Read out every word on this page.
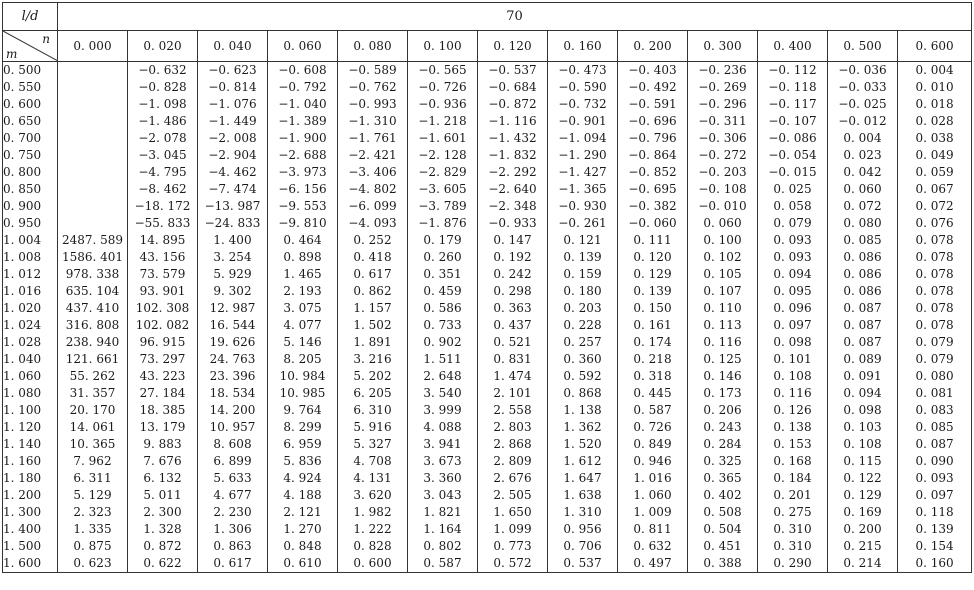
l/d	70												

n
m	0. 000	0. 020	0. 040	0. 060	0. 080	0. 100	0. 120	0. 160	0. 200	0. 300	0. 400	0. 500	0. 600
0. 500		−0. 632	−0. 623	−0. 608	−0. 589	−0. 565	−0. 537	−0. 473	−0. 403	−0. 236	−0. 112	−0. 036	0. 004
0. 550		−0. 828	−0. 814	−0. 792	−0. 762	−0. 726	−0. 684	−0. 590	−0. 492	−0. 269	−0. 118	−0. 033	0. 010
0. 600		−1. 098	−1. 076	−1. 040	−0. 993	−0. 936	−0. 872	−0. 732	−0. 591	−0. 296	−0. 117	−0. 025	0. 018
0. 650		−1. 486	−1. 449	−1. 389	−1. 310	−1. 218	−1. 116	−0. 901	−0. 696	−0. 311	−0. 107	−0. 012	0. 028
0. 700		−2. 078	−2. 008	−1. 900	−1. 761	−1. 601	−1. 432	−1. 094	−0. 796	−0. 306	−0. 086	0. 004	0. 038
0. 750		−3. 045	−2. 904	−2. 688	−2. 421	−2. 128	−1. 832	−1. 290	−0. 864	−0. 272	−0. 054	0. 023	0. 049
0. 800		−4. 795	−4. 462	−3. 973	−3. 406	−2. 829	−2. 292	−1. 427	−0. 852	−0. 203	−0. 015	0. 042	0. 059
0. 850		−8. 462	−7. 474	−6. 156	−4. 802	−3. 605	−2. 640	−1. 365	−0. 695	−0. 108	0. 025	0. 060	0. 067
0. 900		−18. 172	−13. 987	−9. 553	−6. 099	−3. 789	−2. 348	−0. 930	−0. 382	−0. 010	0. 058	0. 072	0. 072
0. 950		−55. 833	−24. 833	−9. 810	−4. 093	−1. 876	−0. 933	−0. 261	−0. 060	0. 060	0. 079	0. 080	0. 076
1. 004	2487. 589	14. 895	1. 400	0. 464	0. 252	0. 179	0. 147	0. 121	0. 111	0. 100	0. 093	0. 085	0. 078
1. 008	1586. 401	43. 156	3. 254	0. 898	0. 418	0. 260	0. 192	0. 139	0. 120	0. 102	0. 093	0. 086	0. 078
1. 012	978. 338	73. 579	5. 929	1. 465	0. 617	0. 351	0. 242	0. 159	0. 129	0. 105	0. 094	0. 086	0. 078
1. 016	635. 104	93. 901	9. 302	2. 193	0. 862	0. 459	0. 298	0. 180	0. 139	0. 107	0. 095	0. 086	0. 078
1. 020	437. 410	102. 308	12. 987	3. 075	1. 157	0. 586	0. 363	0. 203	0. 150	0. 110	0. 096	0. 087	0. 078
1. 024	316. 808	102. 082	16. 544	4. 077	1. 502	0. 733	0. 437	0. 228	0. 161	0. 113	0. 097	0. 087	0. 078
1. 028	238. 940	96. 915	19. 626	5. 146	1. 891	0. 902	0. 521	0. 257	0. 174	0. 116	0. 098	0. 087	0. 079
1. 040	121. 661	73. 297	24. 763	8. 205	3. 216	1. 511	0. 831	0. 360	0. 218	0. 125	0. 101	0. 089	0. 079
1. 060	55. 262	43. 223	23. 396	10. 984	5. 202	2. 648	1. 474	0. 592	0. 318	0. 146	0. 108	0. 091	0. 080
1. 080	31. 357	27. 184	18. 534	10. 985	6. 205	3. 540	2. 101	0. 868	0. 445	0. 173	0. 116	0. 094	0. 081
1. 100	20. 170	18. 385	14. 200	9. 764	6. 310	3. 999	2. 558	1. 138	0. 587	0. 206	0. 126	0. 098	0. 083
1. 120	14. 061	13. 179	10. 957	8. 299	5. 916	4. 088	2. 803	1. 362	0. 726	0. 243	0. 138	0. 103	0. 085
1. 140	10. 365	9. 883	8. 608	6. 959	5. 327	3. 941	2. 868	1. 520	0. 849	0. 284	0. 153	0. 108	0. 087
1. 160	7. 962	7. 676	6. 899	5. 836	4. 708	3. 673	2. 809	1. 612	0. 946	0. 325	0. 168	0. 115	0. 090
1. 180	6. 311	6. 132	5. 633	4. 924	4. 131	3. 360	2. 676	1. 647	1. 016	0. 365	0. 184	0. 122	0. 093
1. 200	5. 129	5. 011	4. 677	4. 188	3. 620	3. 043	2. 505	1. 638	1. 060	0. 402	0. 201	0. 129	0. 097
1. 300	2. 323	2. 300	2. 230	2. 121	1. 982	1. 821	1. 650	1. 310	1. 009	0. 508	0. 275	0. 169	0. 118
1. 400	1. 335	1. 328	1. 306	1. 270	1. 222	1. 164	1. 099	0. 956	0. 811	0. 504	0. 310	0. 200	0. 139
1. 500	0. 875	0. 872	0. 863	0. 848	0. 828	0. 802	0. 773	0. 706	0. 632	0. 451	0. 310	0. 215	0. 154
1. 600	0. 623	0. 622	0. 617	0. 610	0. 600	0. 587	0. 572	0. 537	0. 497	0. 388	0. 290	0. 214	0. 160
